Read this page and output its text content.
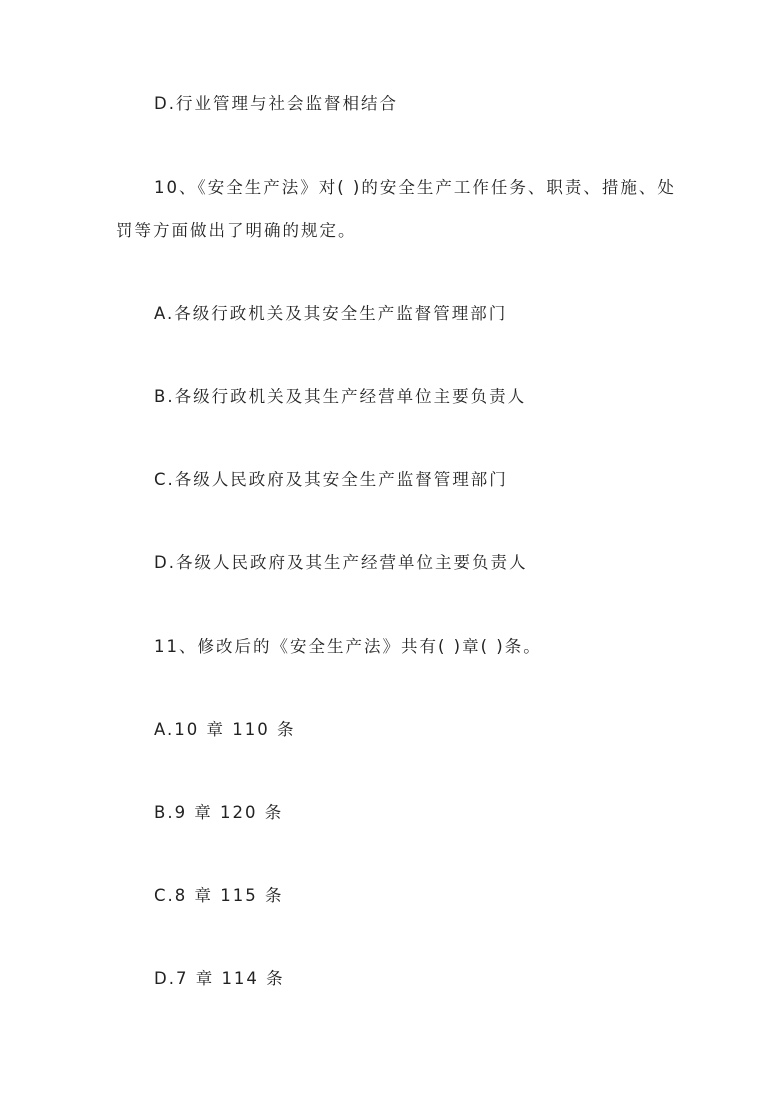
D.行业管理与社会监督相结合
10、《安全生产法》对( )的安全生产工作任务、职责、措施、处
罚等方面做出了明确的规定。
A.各级行政机关及其安全生产监督管理部门
B.各级行政机关及其生产经营单位主要负责人
C.各级人民政府及其安全生产监督管理部门
D.各级人民政府及其生产经营单位主要负责人
11、修改后的《安全生产法》共有( )章( )条。
A.10 章 110 条
B.9 章 120 条
C.8 章 115 条
D.7 章 114 条
